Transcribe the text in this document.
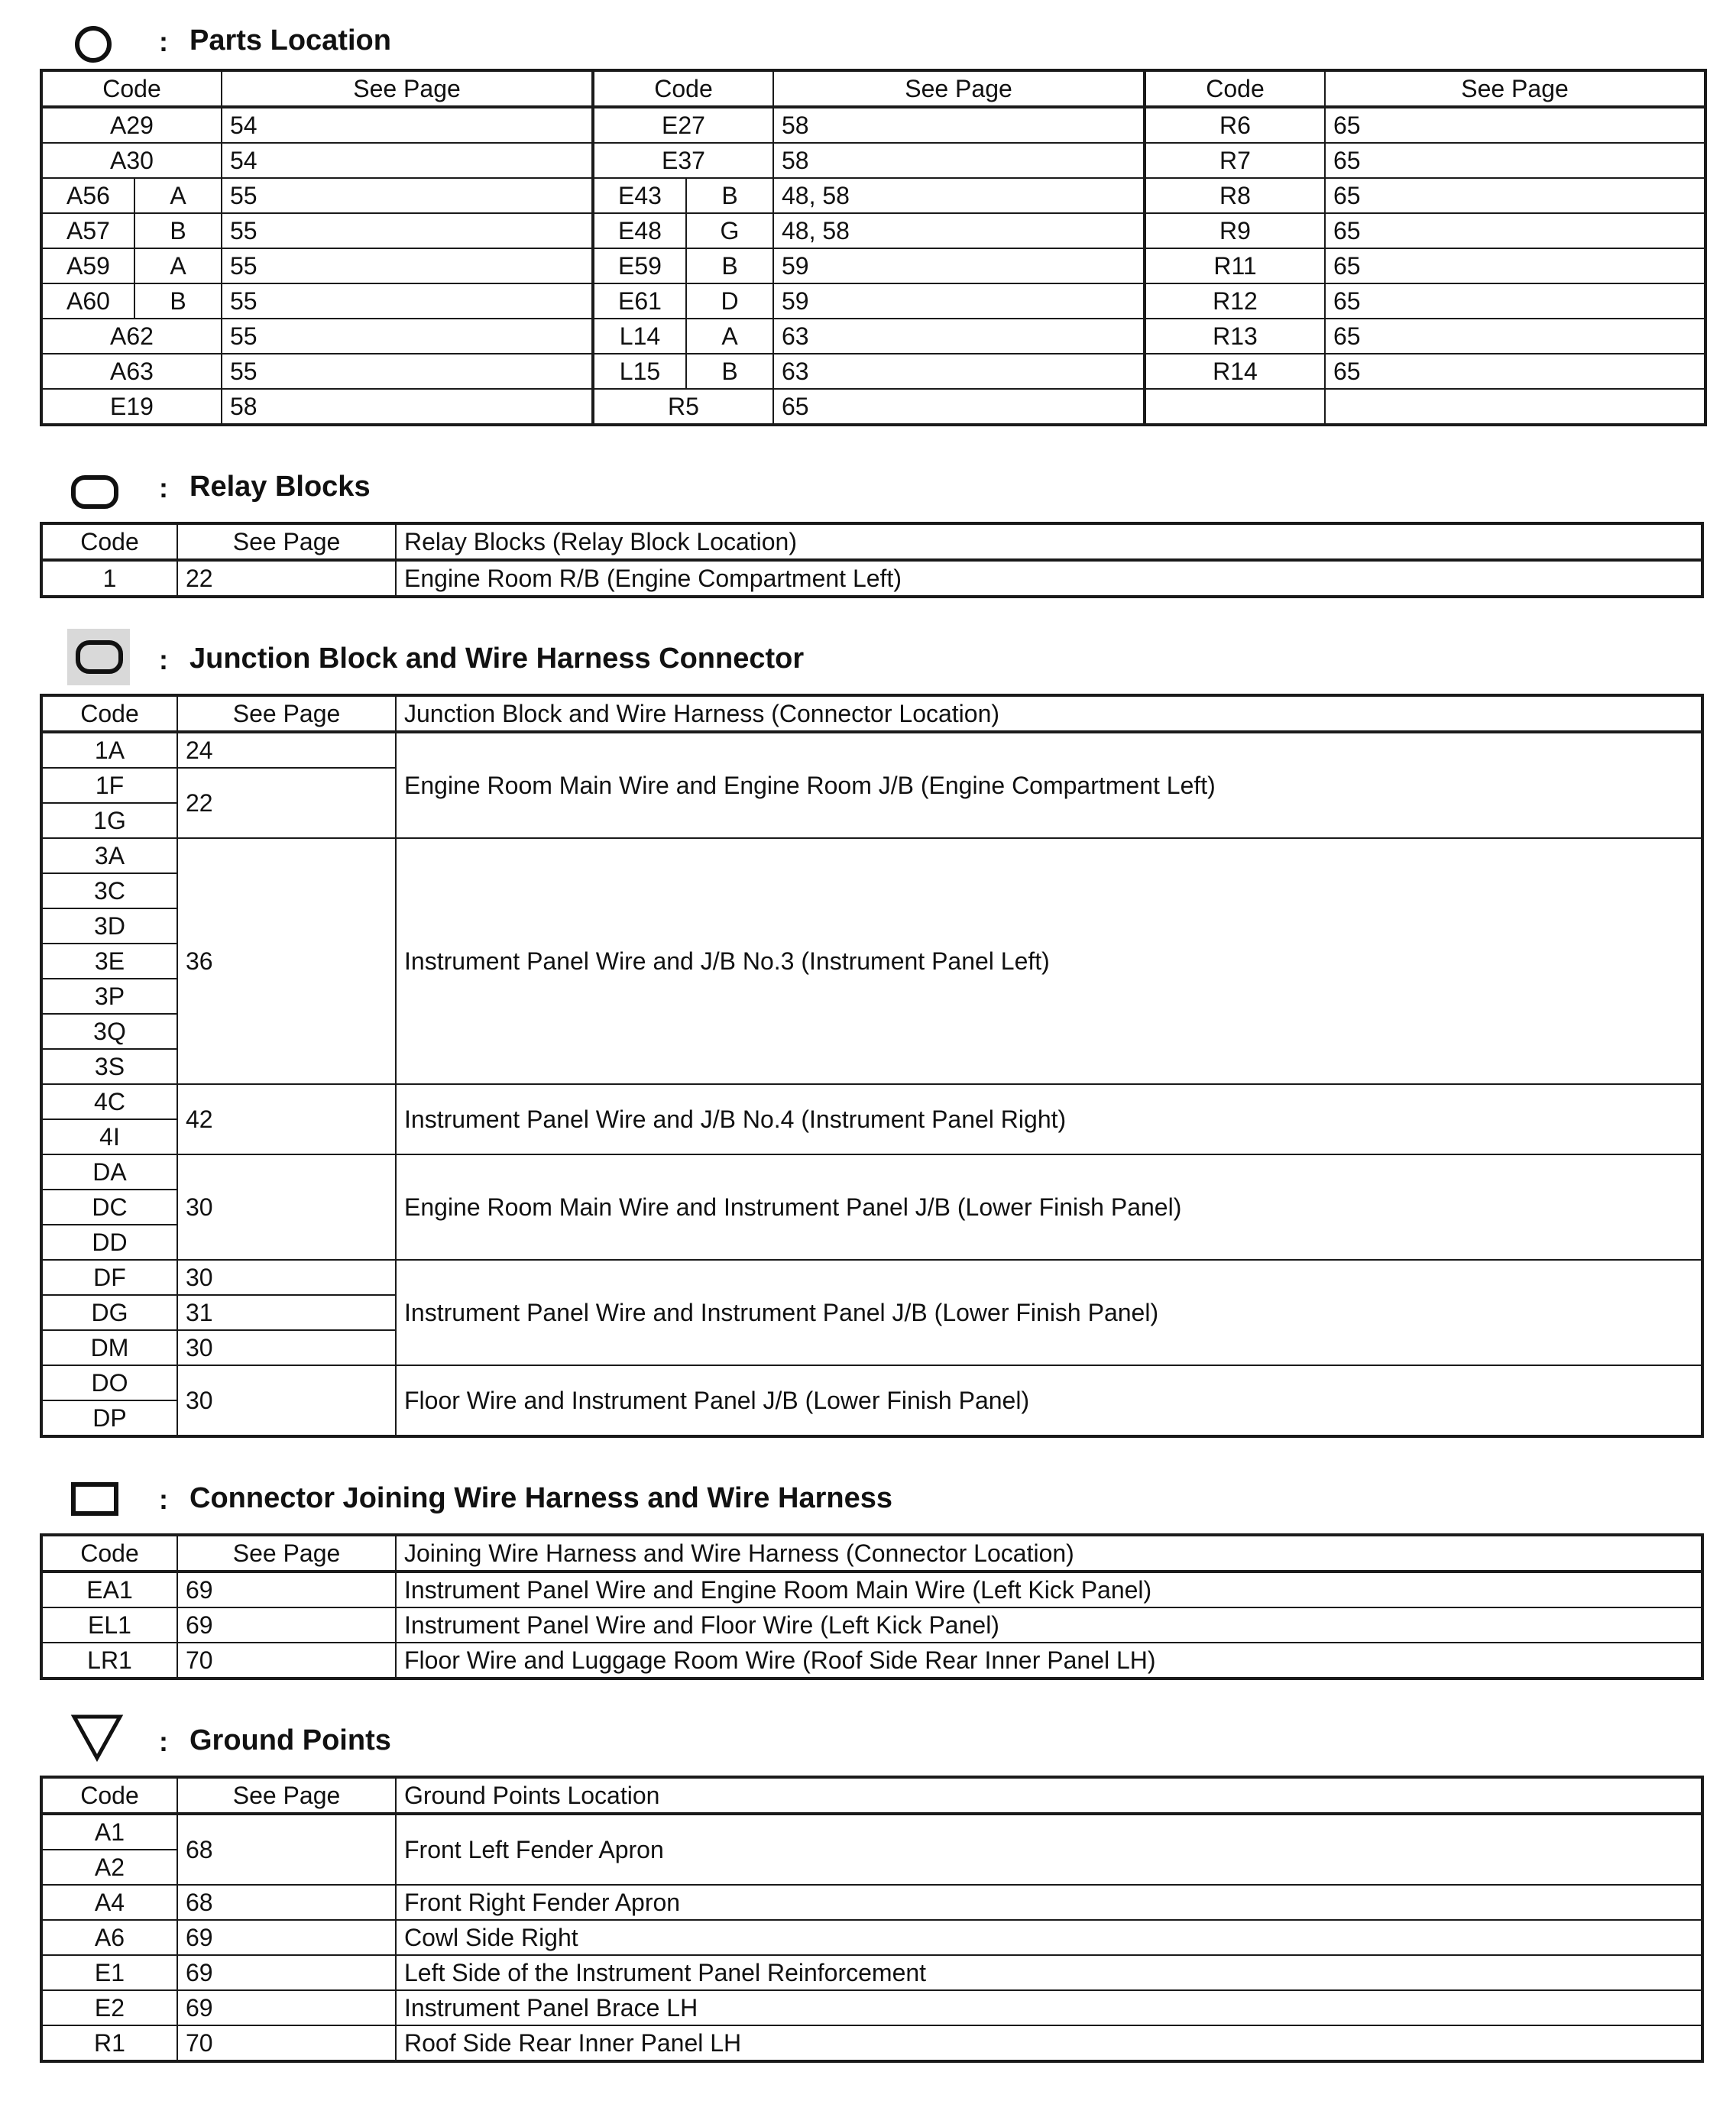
: Parts Location
Code		See Page	Code		See Page	Code	See Page
A29		54	E27		58	R6	65
A30		54	E37		58	R7	65
A56	A	55	E43	B	48, 58	R8	65
A57	B	55	E48	G	48, 58	R9	65
A59	A	55	E59	B	59	R11	65
A60	B	55	E61	D	59	R12	65
A62		55	L14	A	63	R13	65
A63		55	L15	B	63	R14	65
E19		58	R5		65		
: Relay Blocks
Code	See Page	Relay Blocks (Relay Block Location)
1	22	Engine Room R/B (Engine Compartment Left)
: Junction Block and Wire Harness Connector
Code	See Page	Junction Block and Wire Harness (Connector Location)
1A	24	Engine Room Main Wire and Engine Room J/B (Engine Compartment Left)
1F	22	
1G		
3A	36	Instrument Panel Wire and J/B No.3 (Instrument Panel Left)
3C		
3D		
3E		
3P		
3Q		
3S		
4C	42	Instrument Panel Wire and J/B No.4 (Instrument Panel Right)
4I		
DA	30	Engine Room Main Wire and Instrument Panel J/B (Lower Finish Panel)
DC		
DD		
DF	30	Instrument Panel Wire and Instrument Panel J/B (Lower Finish Panel)
DG	31	
DM	30	
DO	30	Floor Wire and Instrument Panel J/B (Lower Finish Panel)
DP		
: Connector Joining Wire Harness and Wire Harness
Code	See Page	Joining Wire Harness and Wire Harness (Connector Location)
EA1	69	Instrument Panel Wire and Engine Room Main Wire (Left Kick Panel)
EL1	69	Instrument Panel Wire and Floor Wire (Left Kick Panel)
LR1	70	Floor Wire and Luggage Room Wire (Roof Side Rear Inner Panel LH)
: Ground Points
Code	See Page	Ground Points Location
A1	68	Front Left Fender Apron
A2		
A4	68	Front Right Fender Apron
A6	69	Cowl Side Right
E1	69	Left Side of the Instrument Panel Reinforcement
E2	69	Instrument Panel Brace LH
R1	70	Roof Side Rear Inner Panel LH
